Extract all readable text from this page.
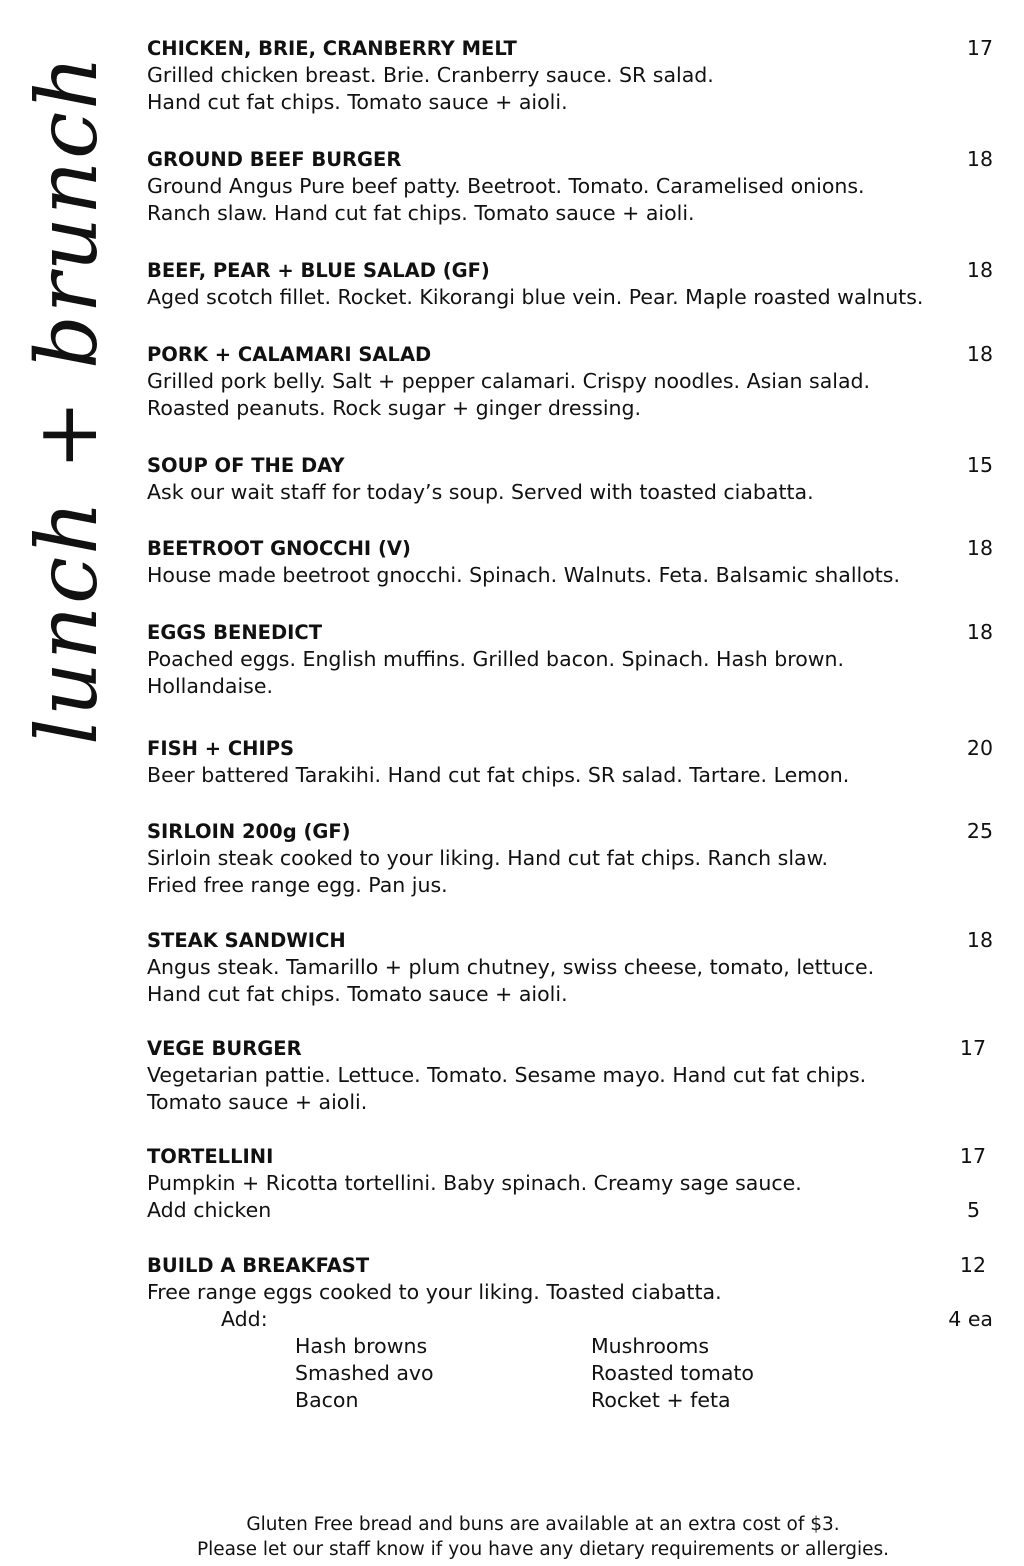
lunch + brunch
CHICKEN, BRIE, CRANBERRY MELT	17
Grilled chicken breast. Brie. Cranberry sauce. SR salad.
Hand cut fat chips. Tomato sauce + aioli.
GROUND BEEF BURGER	18
Ground Angus Pure beef patty. Beetroot. Tomato. Caramelised onions.
Ranch slaw. Hand cut fat chips. Tomato sauce + aioli.
BEEF, PEAR + BLUE SALAD (GF)	18
Aged scotch fillet. Rocket. Kikorangi blue vein. Pear. Maple roasted walnuts.
PORK + CALAMARI SALAD	18
Grilled pork belly. Salt + pepper calamari. Crispy noodles. Asian salad.
Roasted peanuts. Rock sugar + ginger dressing.
SOUP OF THE DAY	15
Ask our wait staff for today’s soup. Served with toasted ciabatta.
BEETROOT GNOCCHI (V)	18
House made beetroot gnocchi. Spinach. Walnuts. Feta. Balsamic shallots.
EGGS BENEDICT	18
Poached eggs. English muffins. Grilled bacon. Spinach. Hash brown.
Hollandaise.
FISH + CHIPS	20
Beer battered Tarakihi. Hand cut fat chips. SR salad. Tartare. Lemon.
SIRLOIN 200g (GF)	25
Sirloin steak cooked to your liking. Hand cut fat chips. Ranch slaw.
Fried free range egg. Pan jus.
STEAK SANDWICH	18
Angus steak. Tamarillo + plum chutney, swiss cheese, tomato, lettuce.
Hand cut fat chips. Tomato sauce + aioli.
VEGE BURGER	17
Vegetarian pattie. Lettuce. Tomato. Sesame mayo. Hand cut fat chips.
Tomato sauce + aioli.
TORTELLINI	17
Pumpkin + Ricotta tortellini. Baby spinach. Creamy sage sauce.
Add chicken	5
BUILD A BREAKFAST	12
Free range eggs cooked to your liking. Toasted ciabatta.
Add:	4 ea
Hash browns
Smashed avo
Bacon
Mushrooms
Roasted tomato
Rocket + feta
Gluten Free bread and buns are available at an extra cost of $3.
Please let our staff know if you have any dietary requirements or allergies.
